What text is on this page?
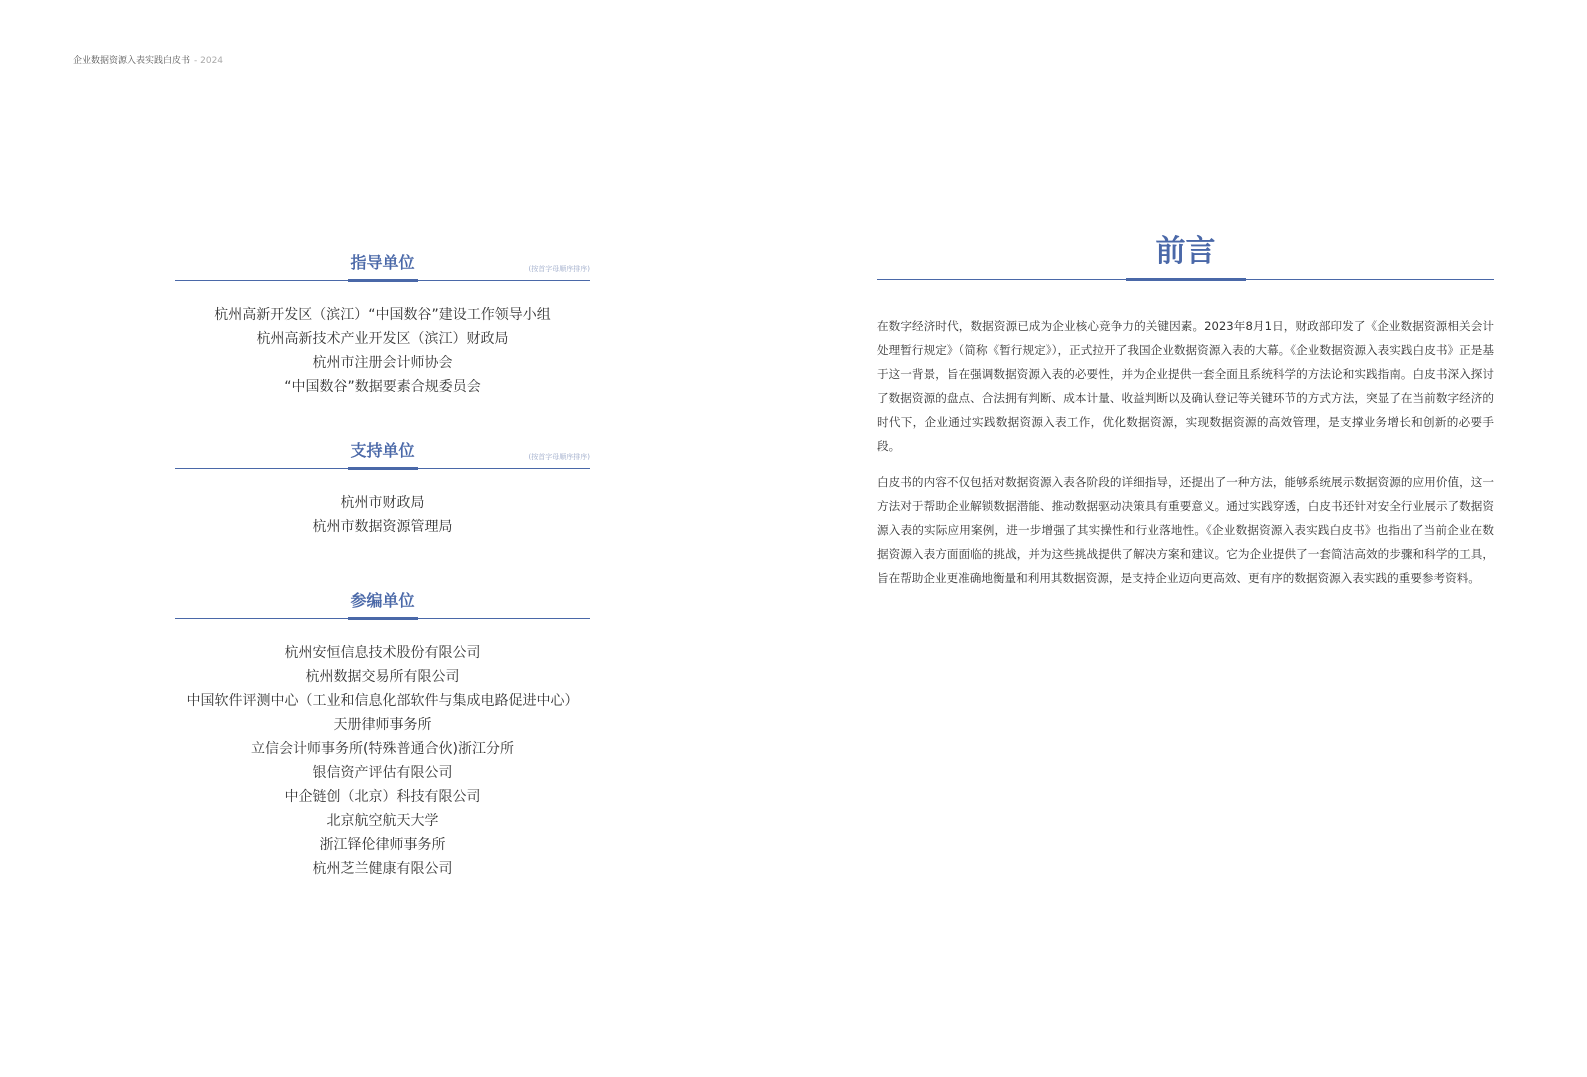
企业数据资源入表实践白皮书 - 2024
指导单位	(按首字母顺序排序)
杭州高新开发区（滨江）“中国数谷”建设工作领导小组
杭州高新技术产业开发区（滨江）财政局
杭州市注册会计师协会
“中国数谷”数据要素合规委员会
支持单位	(按首字母顺序排序)
杭州市财政局
杭州市数据资源管理局
参编单位
杭州安恒信息技术股份有限公司
杭州数据交易所有限公司
中国软件评测中心（工业和信息化部软件与集成电路促进中心）
天册律师事务所
立信会计师事务所(特殊普通合伙)浙江分所
银信资产评估有限公司
中企链创（北京）科技有限公司
北京航空航天大学
浙江铎伦律师事务所
杭州芝兰健康有限公司
前言

在数字经济时代，数据资源已成为企业核心竞争力的关键因素。2023年8月1日，财政部印发了《企业数据资源相关会计处理暂行规定》（简称《暂行规定》），正式拉开了我国企业数据资源入表的大幕。《企业数据资源入表实践白皮书》正是基于这一背景，旨在强调数据资源入表的必要性，并为企业提供一套全面且系统科学的方法论和实践指南。白皮书深入探讨了数据资源的盘点、合法拥有判断、成本计量、收益判断以及确认登记等关键环节的方式方法，突显了在当前数字经济的时代下，企业通过实践数据资源入表工作，优化数据资源，实现数据资源的高效管理，是支撑业务增长和创新的必要手段。

白皮书的内容不仅包括对数据资源入表各阶段的详细指导，还提出了一种方法，能够系统展示数据资源的应用价值，这一方法对于帮助企业解锁数据潜能、推动数据驱动决策具有重要意义。通过实践穿透，白皮书还针对安全行业展示了数据资源入表的实际应用案例，进一步增强了其实操性和行业落地性。《企业数据资源入表实践白皮书》也指出了当前企业在数据资源入表方面面临的挑战，并为这些挑战提供了解决方案和建议。它为企业提供了一套简洁高效的步骤和科学的工具，旨在帮助企业更准确地衡量和利用其数据资源，是支持企业迈向更高效、更有序的数据资源入表实践的重要参考资料。
